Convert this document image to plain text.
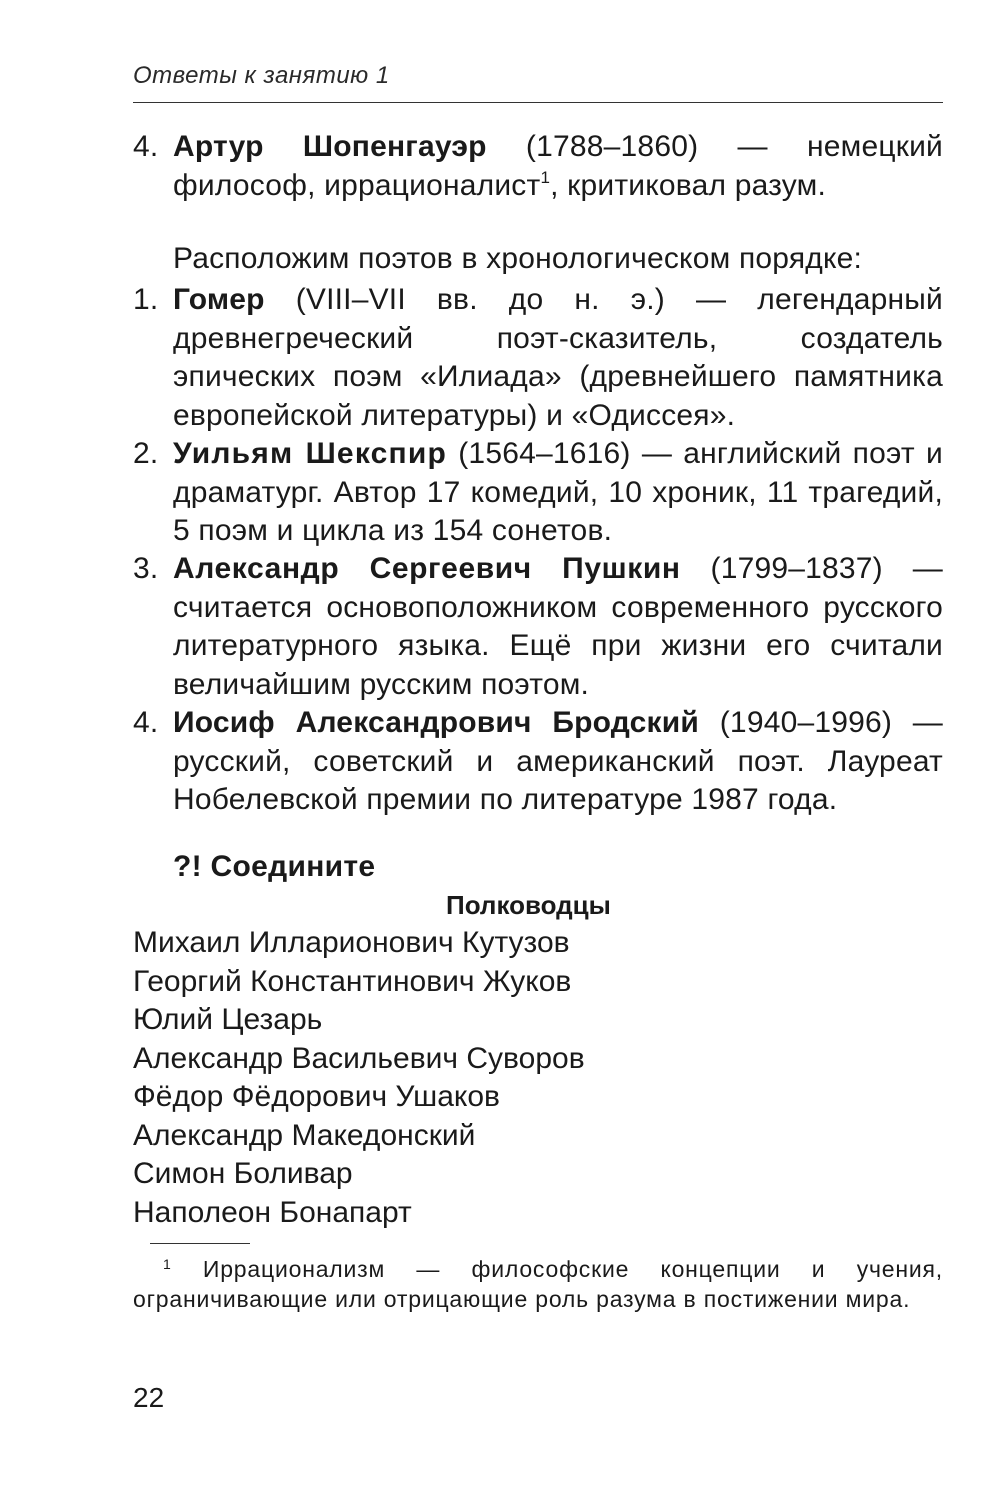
Ответы к занятию 1
4. Артур Шопенгауэр (1788–1860) — немецкий философ, иррационалист$^1$, критиковал разум.
Расположим поэтов в хронологическом порядке:
1. Гомер (VIII–VII вв. до н. э.) — легендарный древнегреческий поэт-сказитель, создатель эпических поэм «Илиада» (древнейшего памятника европейской литературы) и «Одиссея».
2. Уильям Шекспир (1564–1616) — английский поэт и драматург. Автор 17 комедий, 10 хроник, 11 трагедий, 5 поэм и цикла из 154 сонетов.
3. Александр Сергеевич Пушкин (1799–1837) — считается основоположником современного русского литературного языка. Ещё при жизни его считали величайшим русским поэтом.
4. Иосиф Александрович Бродский (1940–1996) — русский, советский и американский поэт. Лауреат Нобелевской премии по литературе 1987 года.
?! Соедините
Полководцы
Михаил Илларионович Кутузов
Георгий Константинович Жуков
Юлий Цезарь
Александр Васильевич Суворов
Фёдор Фёдорович Ушаков
Александр Македонский
Симон Боливар
Наполеон Бонапарт
$^1$ Иррационализм — философские концепции и учения, ограничивающие или отрицающие роль разума в постижении мира.
22
